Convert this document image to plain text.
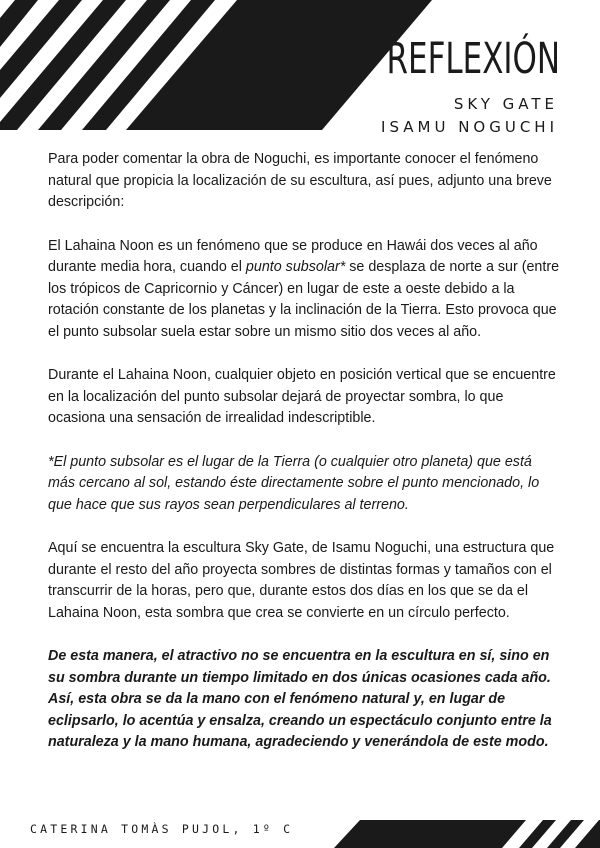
REFLEXIÓN
SKY GATE
ISAMU NOGUCHI

Para poder comentar la obra de Noguchi, es importante conocer el fenómeno natural que propicia la localización de su escultura, así pues, adjunto una breve descripción:

El Lahaina Noon es un fenómeno que se produce en Hawái dos veces al año durante media hora, cuando el punto subsolar* se desplaza de norte a sur (entre los trópicos de Capricornio y Cáncer) en lugar de este a oeste debido a la rotación constante de los planetas y la inclinación de la Tierra. Esto provoca que el punto subsolar suela estar sobre un mismo sitio dos veces al año.

Durante el Lahaina Noon, cualquier objeto en posición vertical que se encuentre en la localización del punto subsolar dejará de proyectar sombra, lo que ocasiona una sensación de irrealidad indescriptible.

*El punto subsolar es el lugar de la Tierra (o cualquier otro planeta) que está más cercano al sol, estando éste directamente sobre el punto mencionado, lo que hace que sus rayos sean perpendiculares al terreno.

Aquí se encuentra la escultura Sky Gate, de Isamu Noguchi, una estructura que durante el resto del año proyecta sombres de distintas formas y tamaños con el transcurrir de la horas, pero que, durante estos dos días en los que se da el Lahaina Noon, esta sombra que crea se convierte en un círculo perfecto.

De esta manera, el atractivo no se encuentra en la escultura en sí, sino en su sombra durante un tiempo limitado en dos únicas ocasiones cada año. Así, esta obra se da la mano con el fenómeno natural y, en lugar de eclipsarlo, lo acentúa y ensalza, creando un espectáculo conjunto entre la naturaleza y la mano humana, agradeciendo y venerándola de este modo.

CATERINA TOMÀS PUJOL, 1º C
